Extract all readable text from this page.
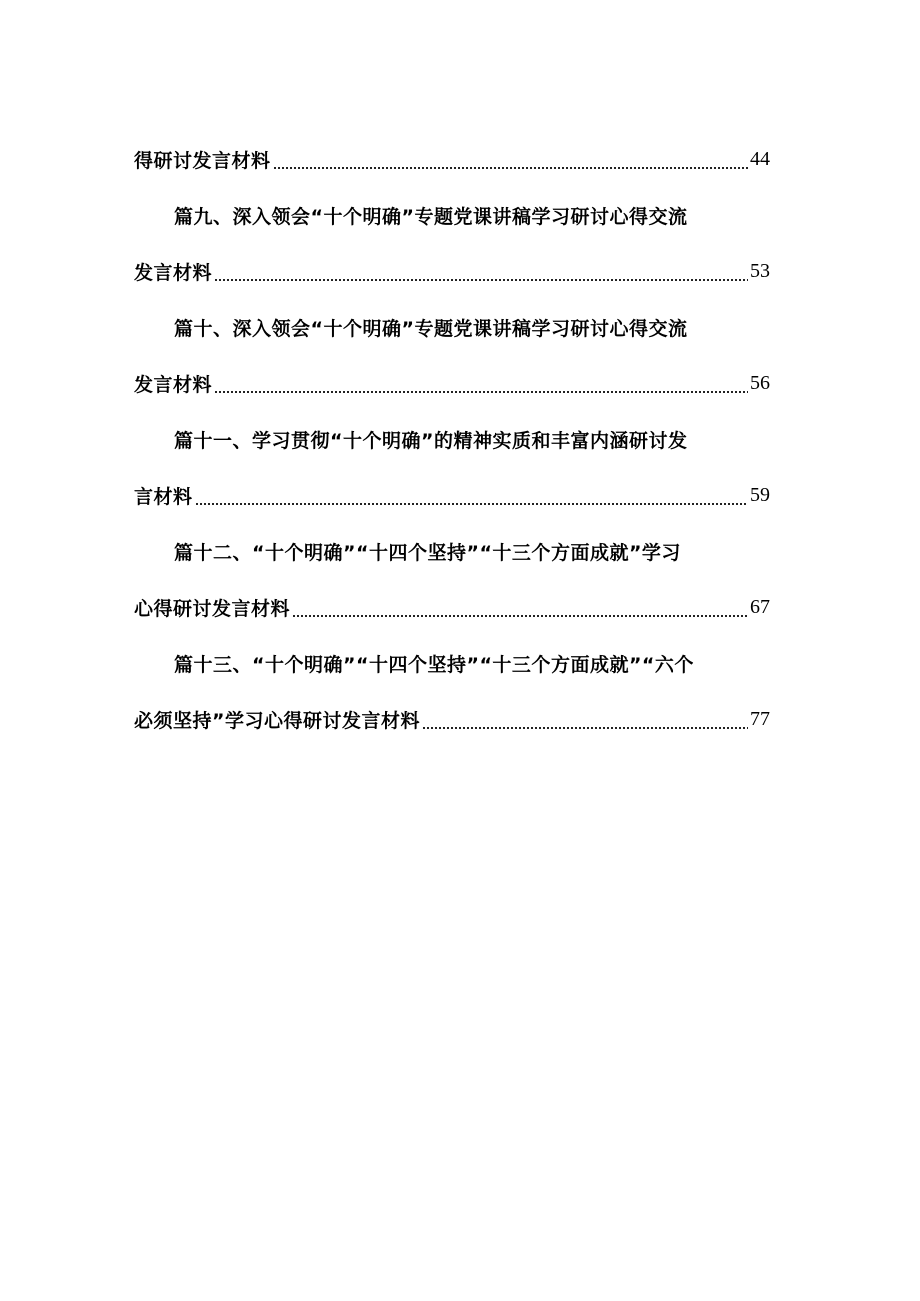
得研讨发言材料	44
篇九、深入领会“十个明确”专题党课讲稿学习研讨心得交流
发言材料	53
篇十、深入领会“十个明确”专题党课讲稿学习研讨心得交流
发言材料	56
篇十一、学习贯彻“十个明确”的精神实质和丰富内涵研讨发
言材料	59
篇十二、“十个明确”“十四个坚持”“十三个方面成就”学习
心得研讨发言材料	67
篇十三、“十个明确”“十四个坚持”“十三个方面成就”“六个
必须坚持”学习心得研讨发言材料	77
